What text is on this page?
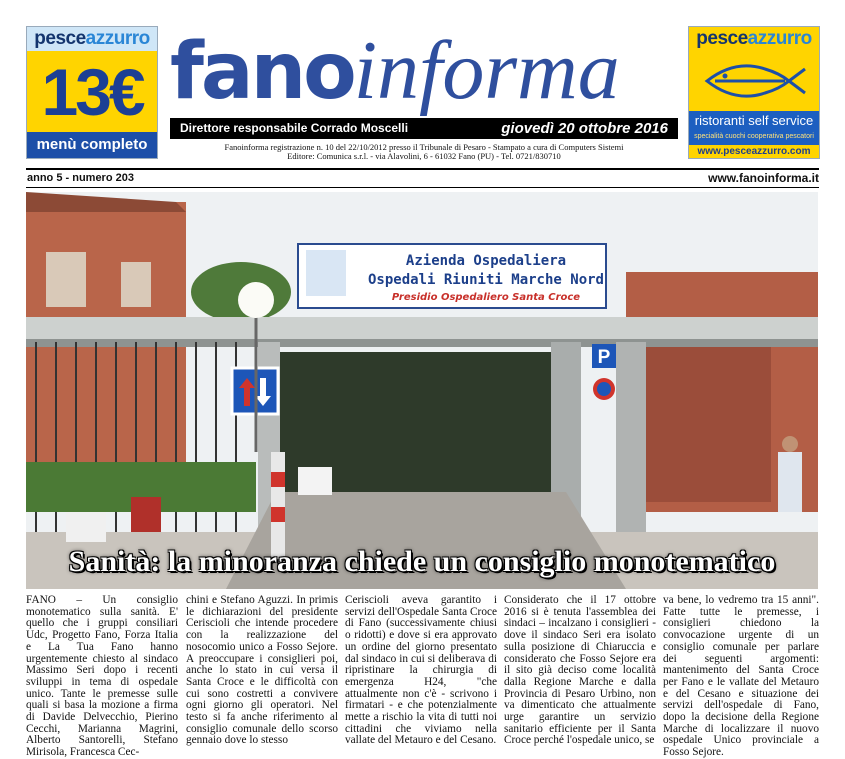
pesceazzurro
13€
menù completo
fanoinforma
Direttore responsabile Corrado Moscelli	giovedì 20 ottobre 2016
Fanoinforma registrazione n. 10 del 22/10/2012 presso il Tribunale di Pesaro - Stampato a cura di Computers Sistemi
Editore: Comunica s.r.l. - via Alavolini, 6 - 61032 Fano (PU) - Tel. 0721/830710
pesceazzurro
ristoranti self service
specialità cuochi cooperativa pescatori
www.pesceazzurro.com
anno 5 - numero 203	www.fanoinforma.it
P
Azienda Ospedaliera
Ospedali Riuniti Marche Nord
Presidio Ospedaliero Santa Croce
Sanità: la minoranza chiede un consiglio monotematico
FANO – Un consiglio monotematico sulla sanità. E' quello che i gruppi consiliari Udc, Progetto Fano, Forza Italia e La Tua Fano hanno urgentemente chiesto al sindaco Massimo Seri dopo i recenti sviluppi in tema di ospedale unico. Tante le premesse sulle quali si basa la mozione a firma di Davide Delvecchio, Pierino Cecchi, Marianna Magrini, Alberto Santorelli, Stefano Mirisola, Francesca Cec-
chini e Stefano Aguzzi. In primis le dichiarazioni del presidente Ceriscioli che intende procedere con la realizzazione del nosocomio unico a Fosso Sejore. A preoccupare i consiglieri poi, anche lo stato in cui versa il Santa Croce e le difficoltà con cui sono costretti a convivere ogni giorno gli operatori. Nel testo si fa anche riferimento al consiglio comunale dello scorso gennaio dove lo stesso
Ceriscioli aveva garantito i servizi dell'Ospedale Santa Croce di Fano (successivamente chiusi o ridotti) e dove si era approvato un ordine del giorno presentato dal sindaco in cui si deliberava di ripristinare la chirurgia di emergenza H24, "che attualmente non c'è - scrivono i firmatari - e che potenzialmente mette a rischio la vita di tutti noi cittadini che viviamo nella vallate del Metauro e del Cesano.
Considerato che il 17 ottobre 2016 si è tenuta l'assemblea dei sindaci – incalzano i consiglieri - dove il sindaco Seri era isolato sulla posizione di Chiaruccia e considerato che Fosso Sejore era il sito già deciso come località dalla Regione Marche e dalla Provincia di Pesaro Urbino, non va dimenticato che attualmente urge garantire un servizio sanitario efficiente per il Santa Croce perché l'ospedale unico, se
va bene, lo vedremo tra 15 anni". Fatte tutte le premesse, i consiglieri chiedono la convocazione urgente di un consiglio comunale per parlare dei seguenti argomenti: mantenimento del Santa Croce per Fano e le vallate del Metauro e del Cesano e situazione dei servizi dell'ospedale di Fano, dopo la decisione della Regione Marche di localizzare il nuovo ospedale Unico provinciale a Fosso Sejore.
